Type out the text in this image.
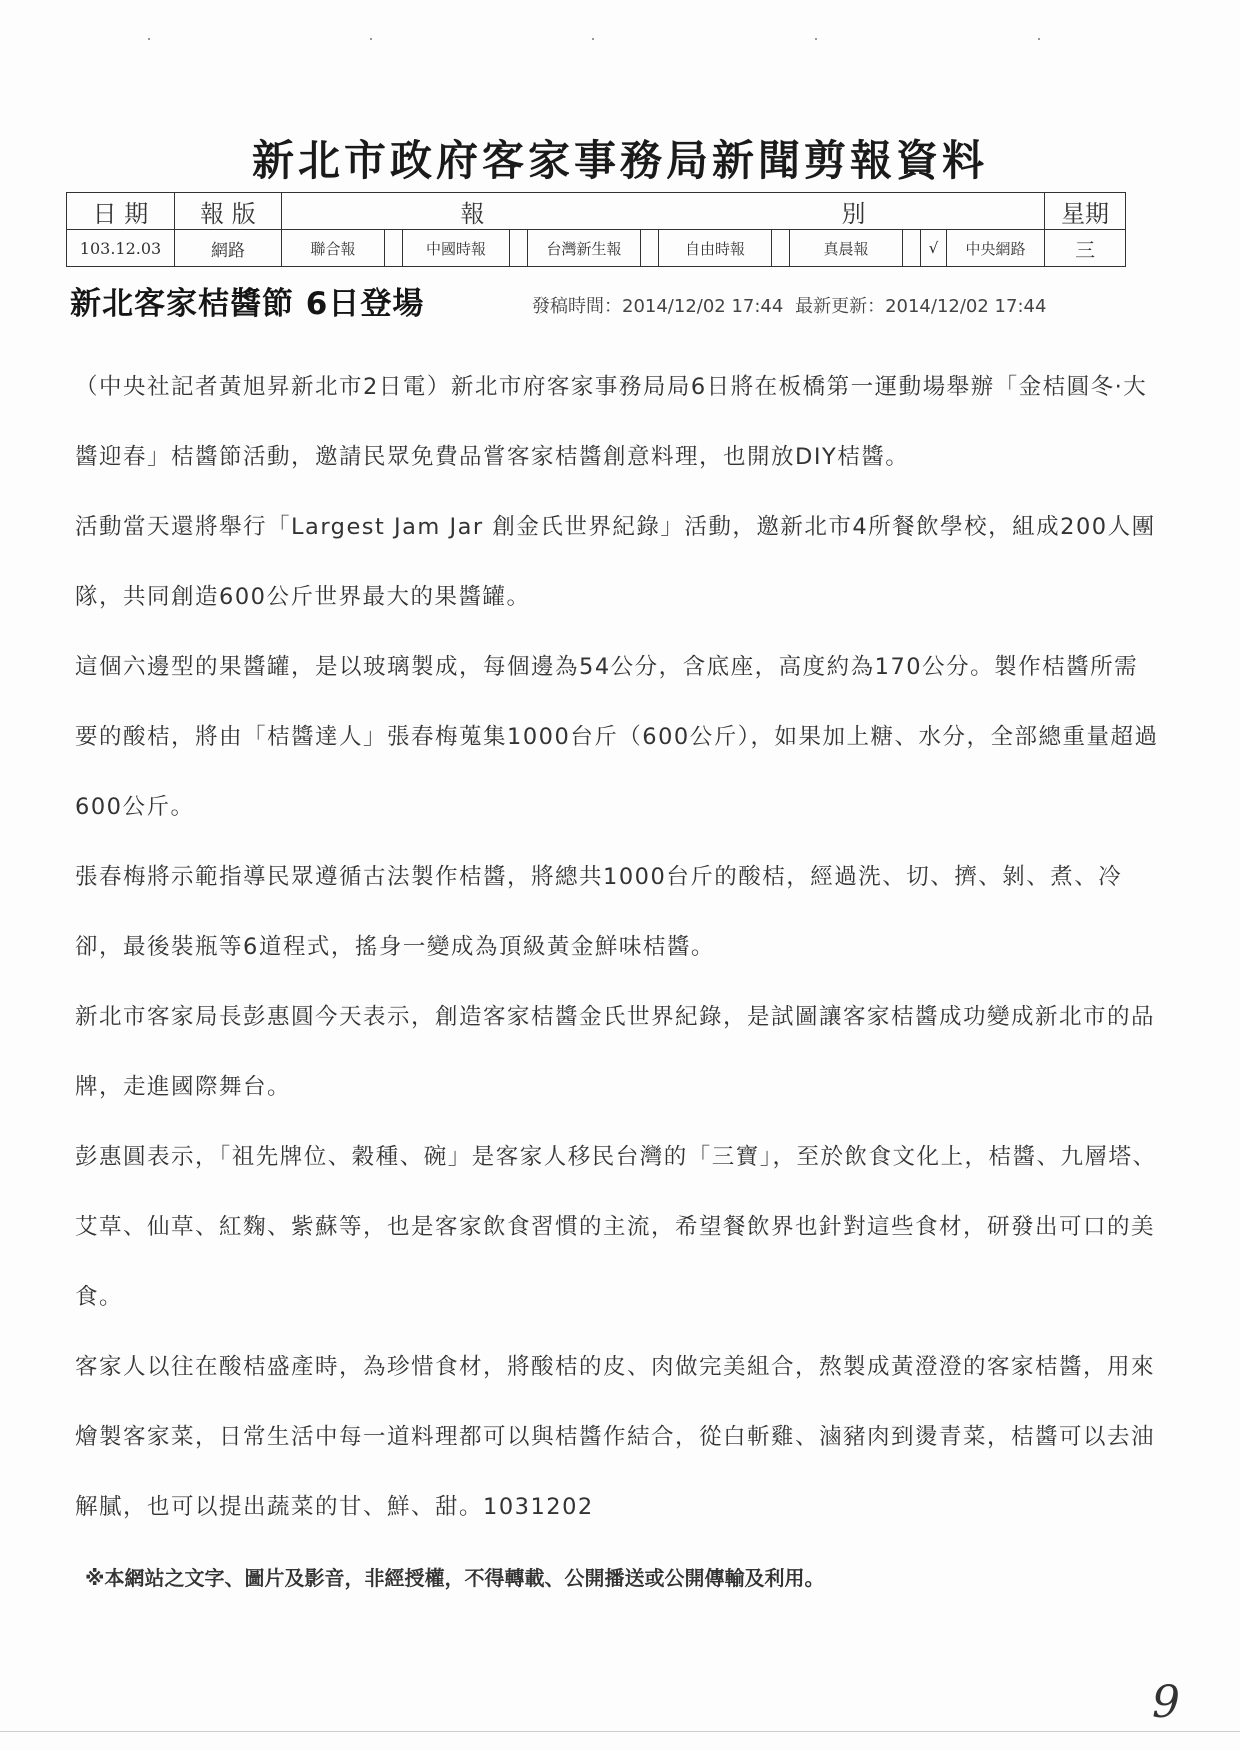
新北市政府客家事務局新聞剪報資料
日 期	報 版	報 別												星期
103.12.03	網路	聯合報		中國時報		台灣新生報		自由時報		真晨報		√	中央網路	三
新北客家桔醬節 6日登場	發稿時間：2014/12/02 17:44 最新更新：2014/12/02 17:44

（中央社記者黃旭昇新北市2日電）新北市府客家事務局局6日將在板橋第一運動場舉辦「金桔圓冬‧大醬迎春」桔醬節活動，邀請民眾免費品嘗客家桔醬創意料理，也開放DIY桔醬。

活動當天還將舉行「Largest Jam Jar 創金氏世界紀錄」活動，邀新北市4所餐飲學校，組成200人團隊，共同創造600公斤世界最大的果醬罐。

這個六邊型的果醬罐，是以玻璃製成，每個邊為54公分，含底座，高度約為170公分。製作桔醬所需要的酸桔，將由「桔醬達人」張春梅蒐集1000台斤（600公斤），如果加上糖、水分，全部總重量超過600公斤。

張春梅將示範指導民眾遵循古法製作桔醬，將總共1000台斤的酸桔，經過洗、切、擠、剝、煮、冷卻，最後裝瓶等6道程式，搖身一變成為頂級黃金鮮味桔醬。

新北市客家局長彭惠圓今天表示，創造客家桔醬金氏世界紀錄，是試圖讓客家桔醬成功變成新北市的品牌，走進國際舞台。

彭惠圓表示，「祖先牌位、穀種、碗」是客家人移民台灣的「三寶」，至於飲食文化上，桔醬、九層塔、艾草、仙草、紅麴、紫蘇等，也是客家飲食習慣的主流，希望餐飲界也針對這些食材，研發出可口的美食。

客家人以往在酸桔盛產時，為珍惜食材，將酸桔的皮、肉做完美組合，熬製成黃澄澄的客家桔醬，用來燴製客家菜，日常生活中每一道料理都可以與桔醬作結合，從白斬雞、滷豬肉到燙青菜，桔醬可以去油解膩，也可以提出蔬菜的甘、鮮、甜。1031202

※本網站之文字、圖片及影音，非經授權，不得轉載、公開播送或公開傳輸及利用。
9
